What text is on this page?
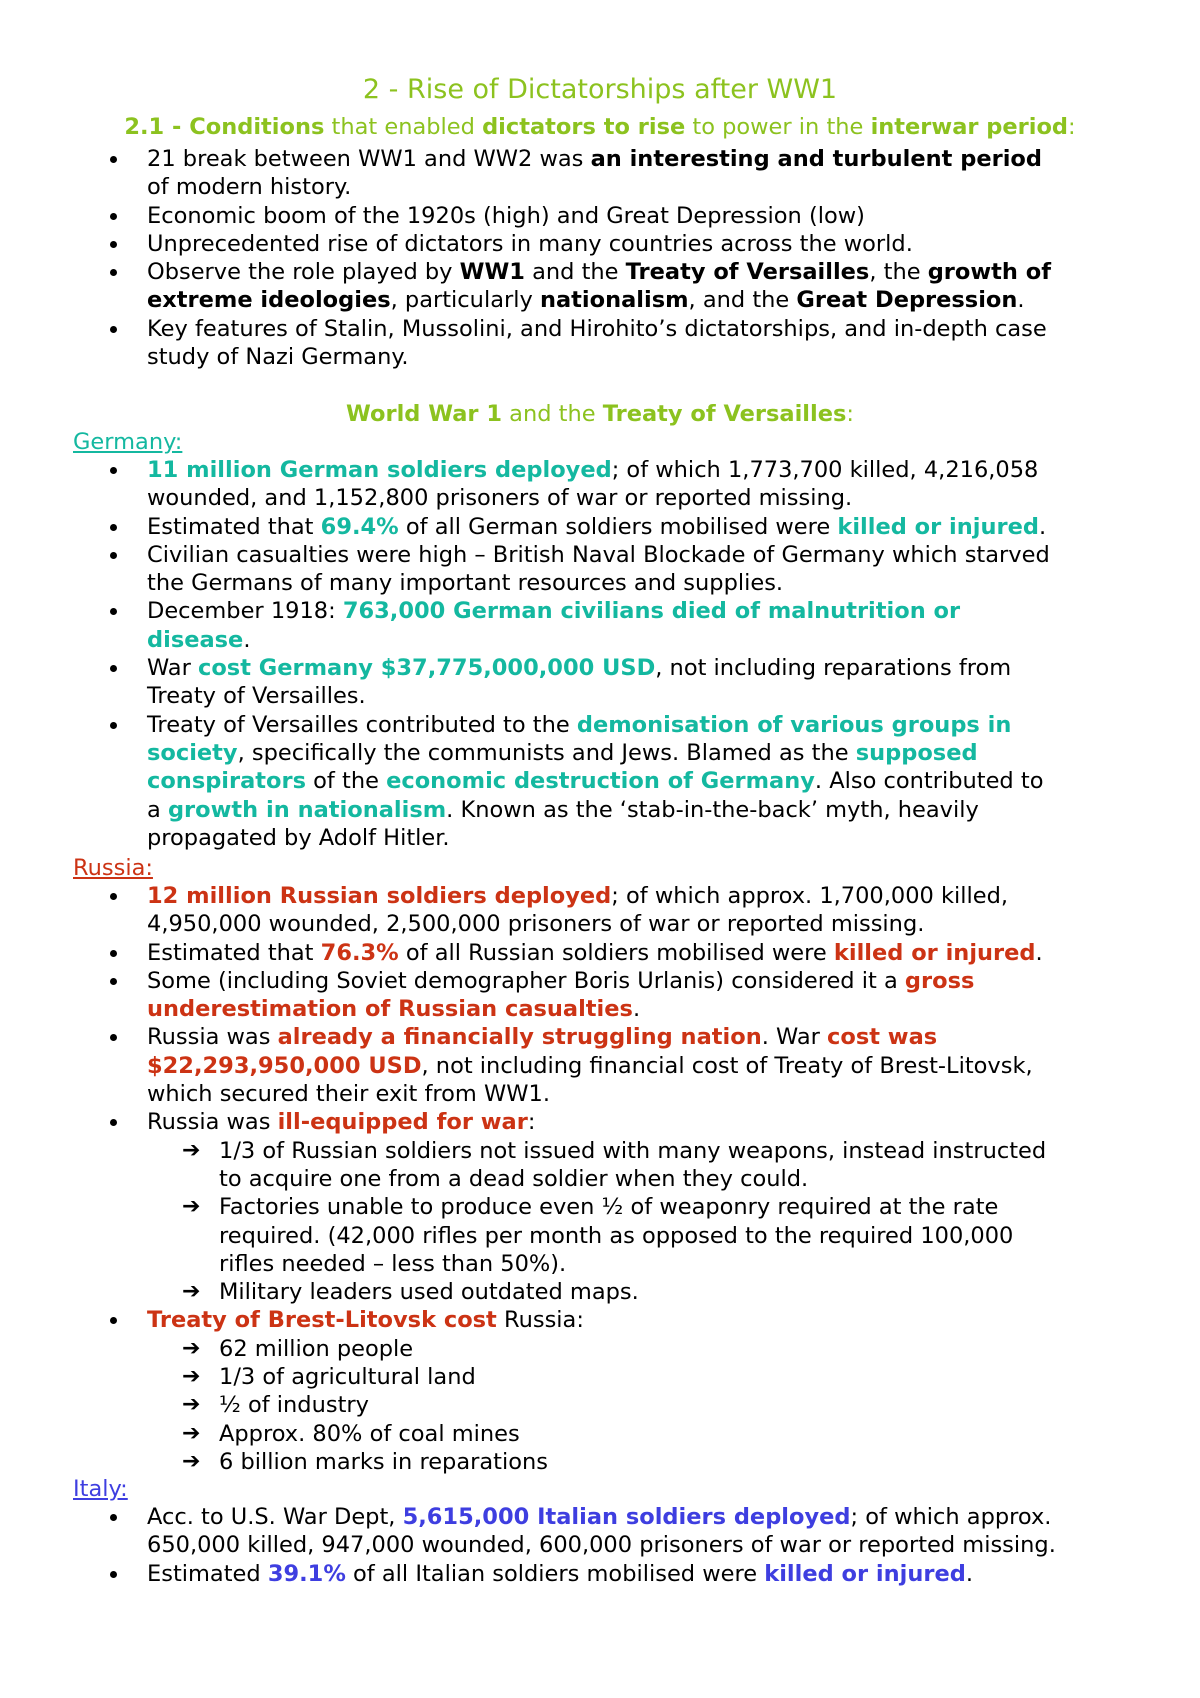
2 - Rise of Dictatorships after WW1
2.1 - Conditions that enabled dictators to rise to power in the interwar period:
21 break between WW1 and WW2 was an interesting and turbulent period
of modern history.
Economic boom of the 1920s (high) and Great Depression (low)
Unprecedented rise of dictators in many countries across the world.
Observe the role played by WW1 and the Treaty of Versailles, the growth of
extreme ideologies, particularly nationalism, and the Great Depression.
Key features of Stalin, Mussolini, and Hirohito’s dictatorships, and in-depth case
study of Nazi Germany.
World War 1 and the Treaty of Versailles:
Germany:
11 million German soldiers deployed; of which 1,773,700 killed, 4,216,058
wounded, and 1,152,800 prisoners of war or reported missing.
Estimated that 69.4% of all German soldiers mobilised were killed or injured.
Civilian casualties were high – British Naval Blockade of Germany which starved
the Germans of many important resources and supplies.
December 1918: 763,000 German civilians died of malnutrition or
disease.
War cost Germany $37,775,000,000 USD, not including reparations from
Treaty of Versailles.
Treaty of Versailles contributed to the demonisation of various groups in
society, specifically the communists and Jews. Blamed as the supposed
conspirators of the economic destruction of Germany. Also contributed to
a growth in nationalism. Known as the ‘stab-in-the-back’ myth, heavily
propagated by Adolf Hitler.
Russia:
12 million Russian soldiers deployed; of which approx. 1,700,000 killed,
4,950,000 wounded, 2,500,000 prisoners of war or reported missing.
Estimated that 76.3% of all Russian soldiers mobilised were killed or injured.
Some (including Soviet demographer Boris Urlanis) considered it a gross
underestimation of Russian casualties.
Russia was already a financially struggling nation. War cost was
$22,293,950,000 USD, not including financial cost of Treaty of Brest-Litovsk,
which secured their exit from WW1.
Russia was ill-equipped for war:
➔ 1/3 of Russian soldiers not issued with many weapons, instead instructed
to acquire one from a dead soldier when they could.
➔ Factories unable to produce even ½ of weaponry required at the rate
required. (42,000 rifles per month as opposed to the required 100,000
rifles needed – less than 50%).
➔ Military leaders used outdated maps.
Treaty of Brest-Litovsk cost Russia:
➔ 62 million people
➔ 1/3 of agricultural land
➔ ½ of industry
➔ Approx. 80% of coal mines
➔ 6 billion marks in reparations
Italy:
Acc. to U.S. War Dept, 5,615,000 Italian soldiers deployed; of which approx.
650,000 killed, 947,000 wounded, 600,000 prisoners of war or reported missing.
Estimated 39.1% of all Italian soldiers mobilised were killed or injured.
